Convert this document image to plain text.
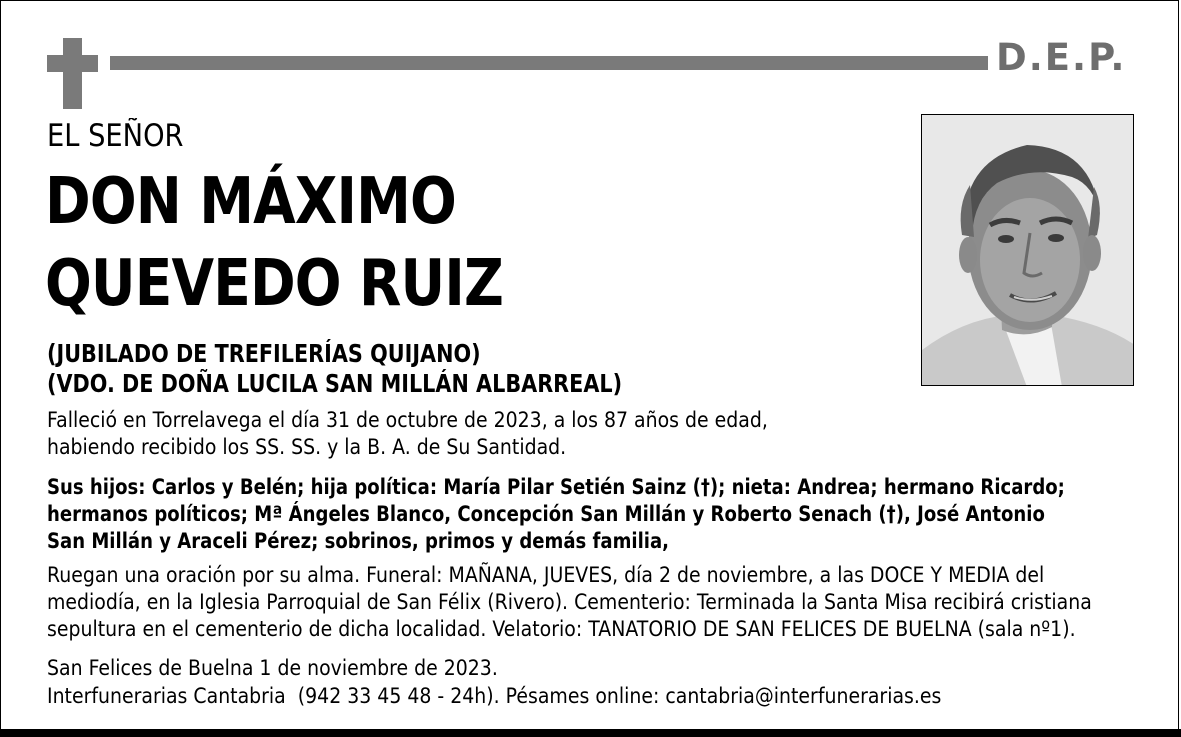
D.E.P.
EL SEÑOR
DON MÁXIMO
QUEVEDO RUIZ
(JUBILADO DE TREFILERÍAS QUIJANO)
(VDO. DE DOÑA LUCILA SAN MILLÁN ALBARREAL)
Falleció en Torrelavega el día 31 de octubre de 2023, a los 87 años de edad,
habiendo recibido los SS. SS. y la B. A. de Su Santidad.
Sus hijos: Carlos y Belén; hija política: María Pilar Setién Sainz (†); nieta: Andrea; hermano Ricardo;
hermanos políticos; Mª Ángeles Blanco, Concepción San Millán y Roberto Senach (†), José Antonio
San Millán y Araceli Pérez; sobrinos, primos y demás familia,
Ruegan una oración por su alma. Funeral: MAÑANA, JUEVES, día 2 de noviembre, a las DOCE Y MEDIA del
mediodía, en la Iglesia Parroquial de San Félix (Rivero). Cementerio: Terminada la Santa Misa recibirá cristiana
sepultura en el cementerio de dicha localidad. Velatorio: TANATORIO DE SAN FELICES DE BUELNA (sala nº1).
San Felices de Buelna 1 de noviembre de 2023.
Interfunerarias Cantabria  (942 33 45 48 - 24h). Pésames online: cantabria@interfunerarias.es
